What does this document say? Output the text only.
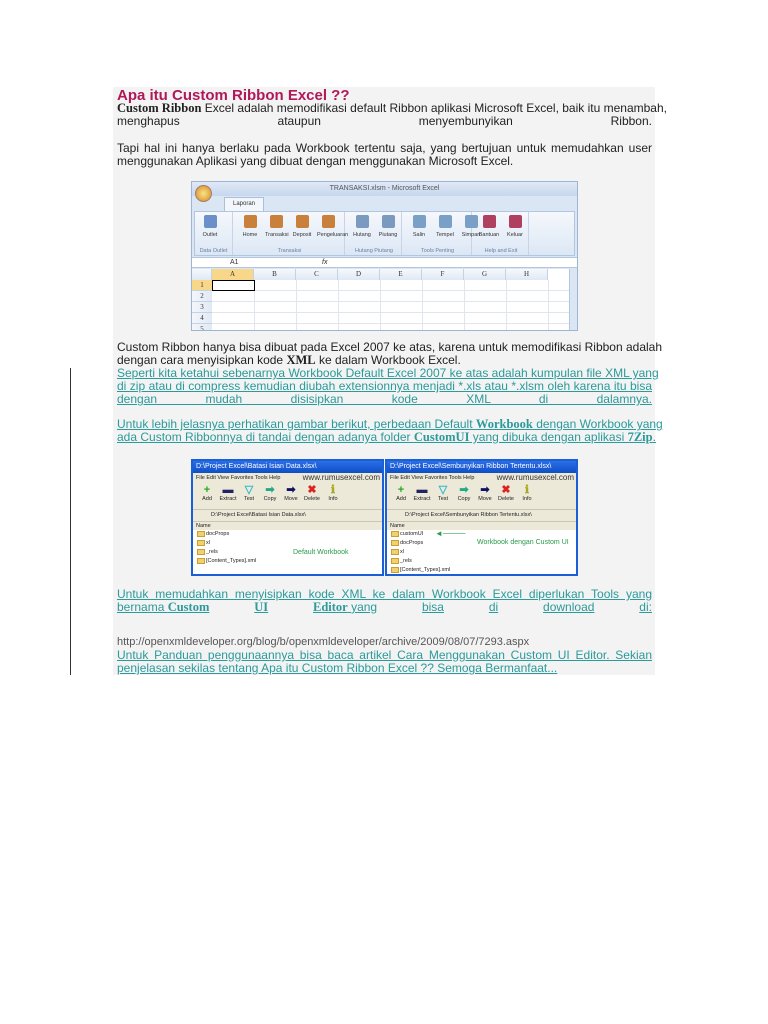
Apa itu Custom Ribbon Excel ??
Custom Ribbon Excel adalah memodifikasi default Ribbon aplikasi Microsoft Excel, baik itu menambah,
menghapus ataupun menyembunyikan Ribbon.
Tapi hal ini hanya berlaku pada Workbook tertentu saja, yang bertujuan untuk memudahkan user
menggunakan Aplikasi yang dibuat dengan menggunakan Microsoft Excel.
TRANSAKSI.xlsm - Microsoft Excel
Laporan
Outlet
Data Outlet
Home	Transaksi Deposit	Pengeluaran
Transaksi
Hutang	Piutang
Hutang Piutang
Salin	Tempel	Simpan
Tools Penting
Bantuan	Keluar
Help and Exit
A1	fx
A	B	C	D	E	F	G	H
1
2
3
4
5
Custom Ribbon hanya bisa dibuat pada Excel 2007 ke atas, karena untuk memodifikasi Ribbon adalah
dengan cara menyisipkan kode XML ke dalam Workbook Excel.
Seperti kita ketahui sebenarnya Workbook Default Excel 2007 ke atas adalah kumpulan file XML yang
di zip atau di compress kemudian diubah extensionnya menjadi *.xls atau *.xlsm oleh karena itu bisa
dengan mudah disisipkan kode XML di dalamnya.
Untuk lebih jelasnya perhatikan gambar berikut, perbedaan Default Workbook dengan Workbook yang
ada Custom Ribbonnya di tandai dengan adanya folder CustomUI yang dibuka dengan aplikasi 7Zip.
D:\Project Excel\Batasi Isian Data.xlsx\
File Edit View Favorites Tools Help	www.rumusexcel.com
+
Add
▬
Extract
▽
Test
➡
Copy
➡
Move
✖
Delete
ℹ
Info
D:\Project Excel\Batasi Isian Data.xlsx\
Name
docProps
xl
_rels
[Content_Types].xml
Default Workbook
D:\Project Excel\Sembunyikan Ribbon Tertentu.xlsx\
File Edit View Favorites Tools Help	www.rumusexcel.com
+
Add
▬
Extract
▽
Test
➡
Copy
➡
Move
✖
Delete
ℹ
Info
D:\Project Excel\Sembunyikan Ribbon Tertentu.xlsx\
Name
customUI
docProps
xl
_rels
[Content_Types].xml
Workbook dengan Custom UI
◄────
Untuk memudahkan menyisipkan kode XML ke dalam Workbook Excel diperlukan Tools yang
bernama Custom	UI	Editor yang	bisa	di	download	di:
http://openxmldeveloper.org/blog/b/openxmldeveloper/archive/2009/08/07/7293.aspx
Untuk Panduan penggunaannya bisa baca artikel Cara Menggunakan Custom UI Editor. Sekian
penjelasan sekilas tentang Apa itu Custom Ribbon Excel ?? Semoga Bermanfaat...
